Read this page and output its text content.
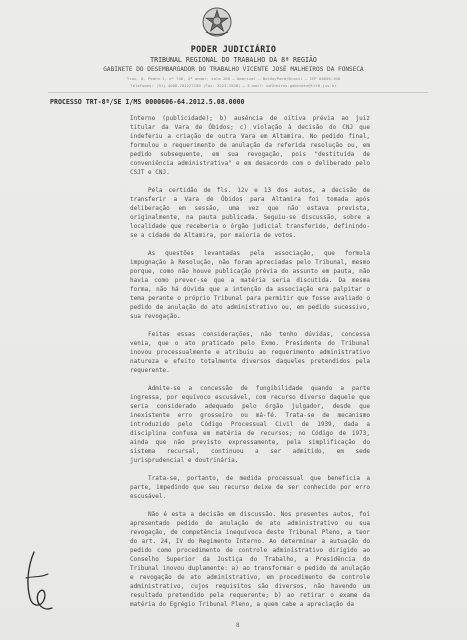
PODER JUDICIÁRIO
TRIBUNAL REGIONAL DO TRABALHO DA 8ª REGIÃO
GABINETE DO DESEMBARGADOR DO TRABALHO VICENTE JOSÉ MALHEIROS DA FONSECA
Trav. D. Pedro I, nº 746, 2º andar, sala 209 – Umarizal – Belém/Pará/Brasil – CEP 66050-100
Telefones: (91) 4008-7012/7199 (Fax: 3223-1926) – E-mail: malheiros.gabinete@trt8.jus.br
PROCESSO TRT-8ª/SE I/MS 0000606-64.2012.5.08.0000

Interno (publicidade); b) ausência de oitiva prévia ao juiz titular da Vara de Óbidos; c) violação à decisão do CNJ que indeferiu a criação de outra Vara em Altamira. No pedido final, formulou o requerimento de anulação da referida resolução ou, em pedido subsequente, em sua revogação, pois "destituída de conveniência administrativa" e em desacordo com o deliberado pelo CSJT e CNJ.

Pela certidão de fls. 12v e 13 dos autos, a decisão de transferir a Vara de Óbidos para Altamira foi tomada após deliberação em sessão, uma vez que não estava prevista, originalmente, na pauta publicada. Seguiu-se discussão, sobre a localidade que receberia o órgão judicial transferido, definindo-se a cidade de Altamira, por maioria de votos.

As questões levantadas pela associação, que formula impugnação à Resolução, não foram apreciadas pelo Tribunal, mesmo porque, como não houve publicação prévia do assunto em pauta, não havia como prever-se que a matéria seria discutida. Da mesma forma, não há dúvida que a intenção da associação era palpitar o tema perante o próprio Tribunal para permitir que fosse avaliado o pedido de anulação do ato administrativo ou, em pedido sucessivo, sua revogação.

Feitas essas considerações, não tenho dúvidas, concessa venia, que o ato praticado pelo Exmo. Presidente do Tribunal inovou processualmente e atribuiu ao requerimento administrativo natureza e efeito totalmente diversos daqueles pretendidos pela requerente.

Admite-se a concessão de fungibilidade quando a parte ingressa, por equívoco escusável, com recurso diverso daquele que seria considerado adequado pelo órgão julgador, desde que inexistente erro grosseiro ou má-fé. Trata-se de mecanismo introduzido pelo Código Processual Civil de 1939, dada a disciplina confusa em matéria de recursos; no Código de 1973, ainda que não previsto expressamente, pela simplificação do sistema recursal, continuou a ser admitido, em sede jurisprudencial e doutrinária.

Trata-se, portanto, de medida processual que beneficia a parte, impedindo que seu recurso deixe de ser conhecido por erro escusável.

Não é esta a decisão em discussão. Nos presentes autos, foi apresentado pedido de anulação de ato administrativo ou sua revogação, de competência inequívoca deste Tribunal Pleno, a teor do art. 24, IV do Regimento Interno. Ao determinar a autuação do pedido como procedimento de controle administrativo dirigido ao Conselho Superior da Justiça do Trabalho, a Presidência do Tribunal inovou duplamente: a) ao transformar o pedido de anulação e revogação de ato administrativo, em procedimento de controle administrativo, cujos requisitos são diversos, não havendo um resultado pretendido pela requerente; b) ao retirar o exame da matéria do Egrégio Tribunal Pleno, a quem cabe a apreciação da

8
